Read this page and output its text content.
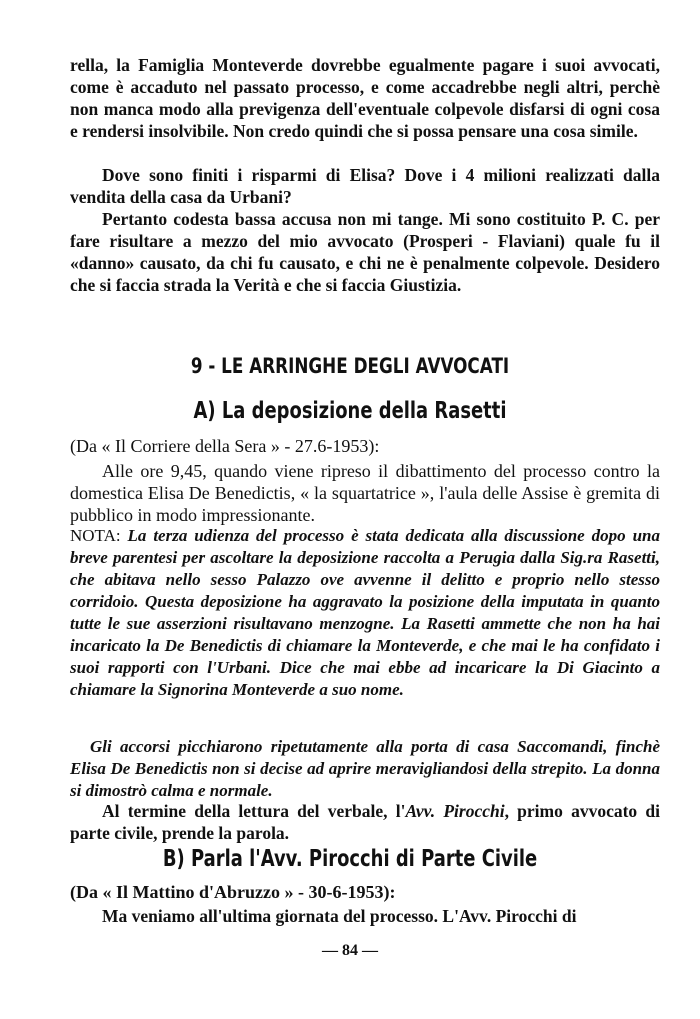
rella, la Famiglia Monteverde dovrebbe egualmente pagare i suoi avvocati, come è accaduto nel passato processo, e come accadrebbe negli altri, perchè non manca modo alla previgenza dell'eventuale colpevole disfarsi di ogni cosa e rendersi insolvibile. Non credo quindi che si possa pensare una cosa simile.

Dove sono finiti i risparmi di Elisa? Dove i 4 milioni realizzati dalla vendita della casa da Urbani?

Pertanto codesta bassa accusa non mi tange. Mi sono costituito P. C. per fare risultare a mezzo del mio avvocato (Prosperi - Flaviani) quale fu il «danno» causato, da chi fu causato, e chi ne è penalmente colpevole. Desidero che si faccia strada la Verità e che si faccia Giustizia.

9 - LE ARRINGHE DEGLI AVVOCATI

A) La deposizione della Rasetti

(Da « Il Corriere della Sera » - 27.6-1953):

Alle ore 9,45, quando viene ripreso il dibattimento del processo contro la domestica Elisa De Benedictis, « la squartatrice », l'aula delle Assise è gremita di pubblico in modo impressionante.

NOTA: La terza udienza del processo è stata dedicata alla discussione dopo una breve parentesi per ascoltare la deposizione raccolta a Perugia dalla Sig.ra Rasetti, che abitava nello sesso Palazzo ove avvenne il delitto e proprio nello stesso corridoio. Questa deposizione ha aggravato la posizione della imputata in quanto tutte le sue asserzioni risultavano menzogne. La Rasetti ammette che non ha hai incaricato la De Benedictis di chiamare la Monteverde, e che mai le ha confidato i suoi rapporti con l'Urbani. Dice che mai ebbe ad incaricare la Di Giacinto a chiamare la Signorina Monteverde a suo nome.

Gli accorsi picchiarono ripetutamente alla porta di casa Saccomandi, finchè Elisa De Benedictis non si decise ad aprire meravigliandosi della strepito. La donna si dimostrò calma e normale.

Al termine della lettura del verbale, l'Avv. Pirocchi, primo avvocato di parte civile, prende la parola.

B) Parla l'Avv. Pirocchi di Parte Civile

(Da « Il Mattino d'Abruzzo » - 30-6-1953):

Ma veniamo all'ultima giornata del processo. L'Avv. Pirocchi di

— 84 —
